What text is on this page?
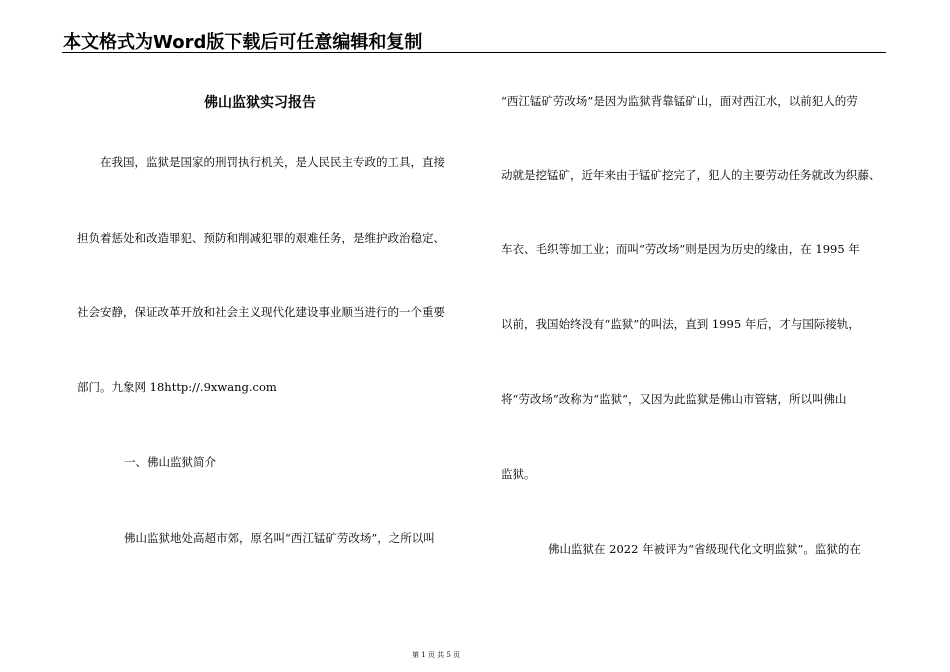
本文格式为Word版下载后可任意编辑和复制
佛山监狱实习报告
在我国，监狱是国家的刑罚执行机关，是人民民主专政的工具，直接
担负着惩处和改造罪犯、预防和削减犯罪的艰难任务，是维护政治稳定、
社会安静，保证改革开放和社会主义现代化建设事业顺当进行的一个重要
部门。九象网 18http://.9xwang.com
一、佛山监狱简介
佛山监狱地处高超市郊，原名叫“西江锰矿劳改场”，之所以叫
“西江锰矿劳改场”是因为监狱背靠锰矿山，面对西江水，以前犯人的劳
动就是挖锰矿，近年来由于锰矿挖完了，犯人的主要劳动任务就改为织藤、
车衣、毛织等加工业；而叫“劳改场”则是因为历史的缘由，在 1995 年
以前，我国始终没有“监狱”的叫法，直到 1995 年后，才与国际接轨，
将“劳改场”改称为“监狱”，又因为此监狱是佛山市管辖，所以叫佛山
监狱。
佛山监狱在 2022 年被评为“省级现代化文明监狱”。监狱的在
第 1 页 共 5 页
